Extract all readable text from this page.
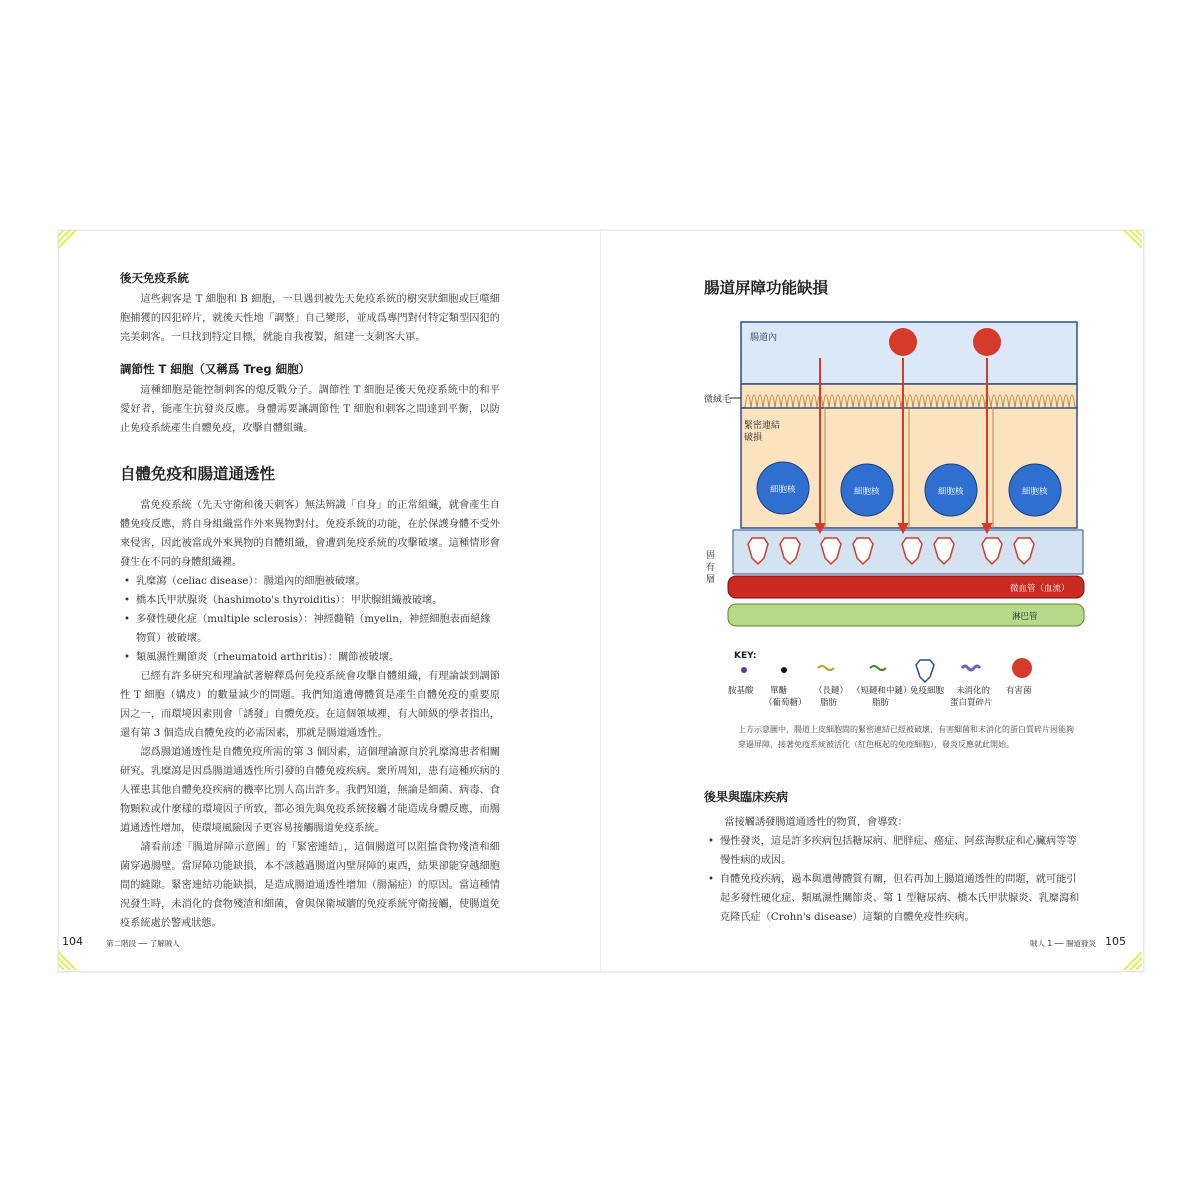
後天免疫系統

這些刺客是 T 細胞和 B 細胞，一旦遇到被先天免疫系統的樹突狀細胞或巨噬細胞捕獲的囚犯碎片，就後天性地「調整」自己變形，並成爲專門對付特定類型囚犯的完美刺客。一旦找到特定目標，就能自我複製，組建一支刺客大軍。

調節性 T 細胞（又稱爲 Treg 細胞）

這種細胞是能控制刺客的熄反戰分子。調節性 T 細胞是後天免疫系統中的和平愛好者，能產生抗發炎反應。身體需要讓調節性 T 細胞和刺客之間達到平衡，以防止免疫系統產生自體免疫，攻擊自體組織。

自體免疫和腸道通透性

當免疫系統（先天守衛和後天刺客）無法辨識「自身」的正常組織，就會產生自體免疫反應，將自身組織當作外來異物對付。免疫系統的功能，在於保護身體不受外來侵害，因此被當成外來異物的自體組織，會遭到免疫系統的攻擊破壞。這種情形會發生在不同的身體組織裡。

• 乳糜瀉（celiac disease）：腸道內的細胞被破壞。
• 橋本氏甲狀腺炎（hashimoto's thyroiditis）：甲狀腺組織被破壞。
• 多發性硬化症（multiple sclerosis）：神經髓鞘（myelin，神經細胞表面絕緣物質）被破壞。
• 類風濕性關節炎（rheumatoid arthritis）：關節被破壞。

已經有許多研究和理論試著解釋爲何免疫系統會攻擊自體組織，有理論談到調節性 T 細胞（媾皮）的數量減少的問題。我們知道遺傳體質是產生自體免疫的重要原因之一，而環境因素則會「誘發」自體免疫。在這個領域裡，有大師級的學者指出，還有第 3 個造成自體免疫的必需因素，那就是腸道通透性。

認爲腸道通透性是自體免疫所需的第 3 個因素，這個理論源自於乳糜瀉患者相關研究。乳糜瀉是因爲腸道通透性所引發的自體免疫疾病。衆所周知，患有這種疾病的人罹患其他自體免疫疾病的機率比別人高出許多。我們知道，無論是細菌、病毒、食物顆粒或什麼樣的環境因子所致，都必須先與免疫系統接觸才能造成身體反應，而腸道通透性增加，使環境風險因子更容易接觸腸道免疫系統。

請看前述「腸道屏障示意圖」的「緊密連結」，這個腸道可以阻擋食物殘渣和細菌穿過腸壁。當屏障功能缺損，本不該越過腸道內壁屏障的東西，結果卻能穿越細胞間的縫隙。緊密連結功能缺損，是造成腸道通透性增加（腸漏症）的原因。當這種情況發生時，未消化的食物殘渣和細菌，會與保衛城牆的免疫系統守衛接觸，使腸道免疫系統處於警戒狀態。

104	第二階段 ── 了解賊人
腸道屏障功能缺損
腸道內
微絨毛
緊密連結
破損
細胞核	細胞核	細胞核	細胞核
固
有
層
微血管（血流）
淋巴管
KEY:
胺基酸 單醣
（葡萄糖）
（長鏈）
脂肪
（短鏈和中鏈）
脂肪
免疫細胞 未消化的
蛋白質碎片
有害菌

上方示意圖中，腸道上皮細胞間的緊密連結已經被破壞，有害細菌和未消化的蛋白質碎片因能夠穿過屏障，接著免疫系統被活化（紅色框起的免疫細胞），發炎反應就此開始。

後果與臨床疾病

當接觸誘發腸道通透性的物質，會導致：

• 慢性發炎，這是許多疾病包括糖尿病、肥胖症、癌症、阿茲海默症和心臟病等等慢性病的成因。
• 自體免疫疾病，過本與遺傳體質有關，但若再加上腸道通透性的問題，就可能引起多發性硬化症、類風濕性關節炎、第 1 型糖尿病、橋本氏甲狀腺炎、乳糜瀉和克隆氏症（Crohn's disease）這類的自體免疫性疾病。
賊人 1 ── 腸道發炎 105
